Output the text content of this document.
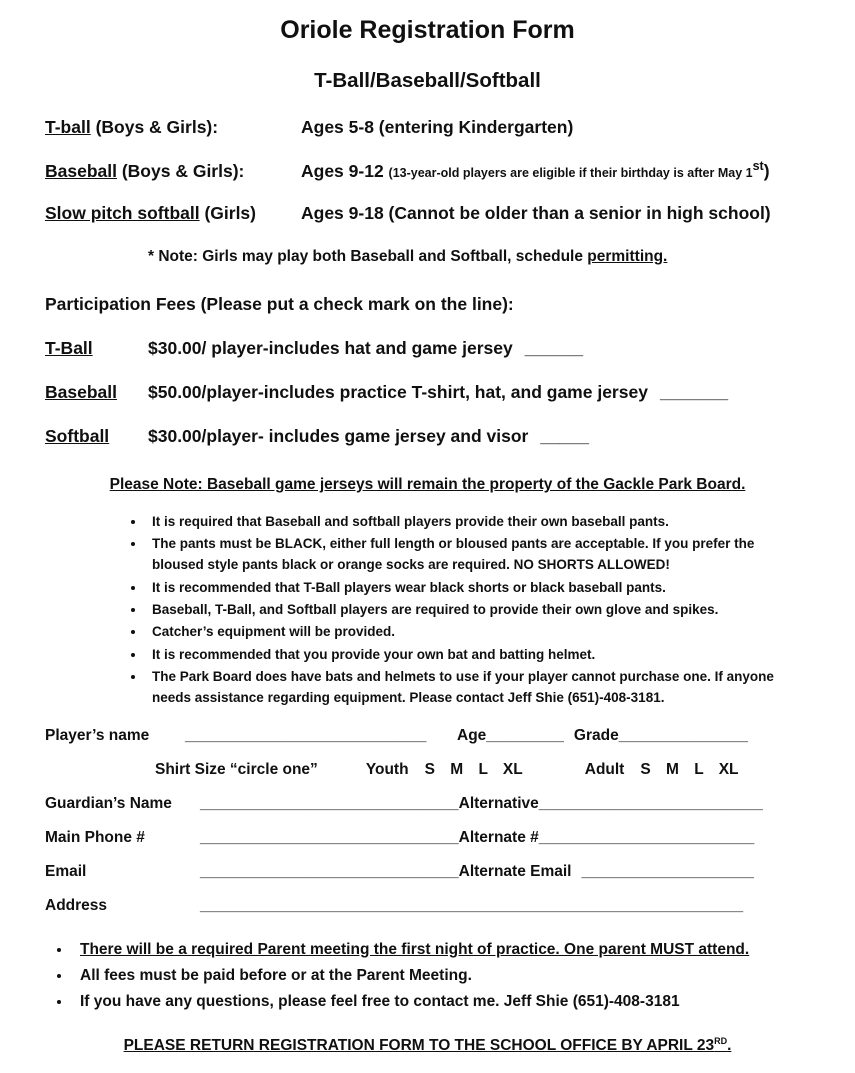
Oriole Registration Form
T-Ball/Baseball/Softball
T-ball (Boys & Girls):	Ages 5-8 (entering Kindergarten)
Baseball (Boys & Girls):	Ages 9-12 (13-year-old players are eligible if their birthday is after May 1st)
Slow pitch softball (Girls)	Ages 9-18 (Cannot be older than a senior in high school)
* Note: Girls may play both Baseball and Softball, schedule permitting.
Participation Fees (Please put a check mark on the line):
T-Ball	$30.00/ player-includes hat and game jersey ______
Baseball	$50.00/player-includes practice T-shirt, hat, and game jersey _______
Softball	$30.00/player- includes game jersey and visor _____
Please Note: Baseball game jerseys will remain the property of the Gackle Park Board.
• It is required that Baseball and softball players provide their own baseball pants.
• The pants must be BLACK, either full length or bloused pants are acceptable. If you prefer the bloused style pants black or orange socks are required. NO SHORTS ALLOWED!
• It is recommended that T-Ball players wear black shorts or black baseball pants.
• Baseball, T-Ball, and Softball players are required to provide their own glove and spikes.
• Catcher’s equipment will be provided.
• It is recommended that you provide your own bat and batting helmet.
• The Park Board does have bats and helmets to use if your player cannot purchase one. If anyone needs assistance regarding equipment. Please contact Jeff Shie (651)-408-3181.
Player’s name	____________________________ Age _________ Grade _______________
Shirt Size “circle one”	Youth S M L XL	Adult S M L XL
Guardian’s Name	______________________________ Alternative __________________________
Main Phone #	______________________________ Alternate # _________________________
Email	______________________________ Alternate Email ____________________
Address	_______________________________________________________________
• There will be a required Parent meeting the first night of practice. One parent MUST attend.
• All fees must be paid before or at the Parent Meeting.
• If you have any questions, please feel free to contact me. Jeff Shie (651)-408-3181
PLEASE RETURN REGISTRATION FORM TO THE SCHOOL OFFICE BY APRIL 23RD.
